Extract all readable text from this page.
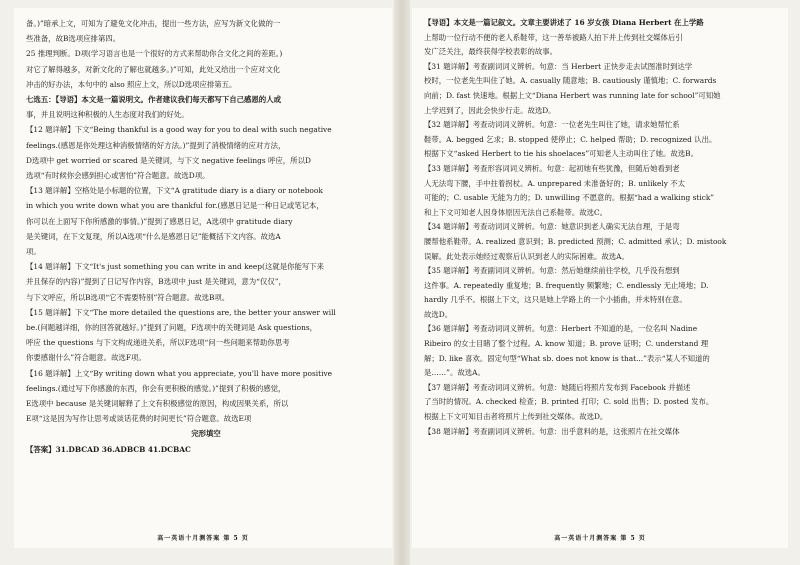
备。)”暗承上文，可知为了避免文化冲击，提出一些方法，应写为新文化做的一

些准备，故B选项应排第四。

25 推理判断。D项(学习语言也是一个很好的方式来帮助你合文化之间的差距。)

对它了解得越多，对新文化的了解也就越多。)”可知，此处又给出一个应对文化

冲击的好办法，本句中的 also 照应上文，所以D选项应排第五。

七选五：【导语】本文是一篇说明文。作者建议我们每天都写下自己感恩的人或

事，并且说明这种积极的人生态度对我们的好处。

【12 题详解】下文“Being thankful is a good way for you to deal with such negative

feelings.(感恩是你处理这种消极情绪的好方法。)”提到了消极情绪的应对方法，

D选项中 get worried or scared 是关键词，与下文 negative feelings 呼应，所以D

选项“有时候你会感到担心或害怕”符合题意。故选D项。

【13 题详解】空格处是小标题的位置，下文“A gratitude diary is a diary or notebook

in which you write down what you are thankful for.(感恩日记是一种日记或笔记本，

你可以在上面写下你所感激的事情。)”提到了感恩日记，A选项中 gratitude diary

是关键词，在下文复现，所以A选项“什么是感恩日记”能概括下文内容。故选A

项。

【14 题详解】下文“It's just something you can write in and keep(这就是你能写下来

并且保存的内容)”提到了日记写作内容，B选项中 just 是关键词，意为“仅仅”，

与下文呼应，所以B选项“它不需要特别”符合题意。故选B项。

【15 题详解】下文“The more detailed the questions are, the better your answer will

be.(问题越详细，你的回答就越好。)”提到了问题，F选项中的关键词是 Ask questions，

呼应 the questions 与下文构成递进关系，所以F选项“问一些问题来帮助你思考

你要感谢什么”符合题意。故选F项。

【16 题详解】上文“By writing down what you appreciate, you'll have more positive

feelings.(通过写下你感激的东西，你会有更积极的感觉。)”提到了积极的感觉，

E选项中 because 是关键词解释了上文有积极感觉的原因，构成因果关系，所以

E项“这是因为写作让思考或谈话花费的时间更长”符合题意。故选E项

完形填空

【答案】31.DBCAD 36.ADBCB 41.DCBAC

高一英语十月测答案 第 5 页

【导语】本文是一篇记叙文。文章主要讲述了 16 岁女孩 Diana Herbert 在上学路

上帮助一位行动不便的老人系鞋带，这一善举被路人拍下并上传到社交媒体后引

发广泛关注，最终获得学校表彰的故事。

【31 题详解】考查副词词义辨析。句意：当 Herbert 正快步走去试图准时到达学

校时，一位老先生叫住了她。A. casually 随意地；B. cautiously 谨慎地；C. forwards

向前；D. fast 快速地。根据上文“Diana Herbert was running late for school”可知她

上学迟到了，因此会快步行走。故选D。

【32 题详解】考查动词词义辨析。句意：一位老先生叫住了她，请求她帮忙系

鞋带。A. begged 乞求；B. stopped 使停止；C. helped 帮助；D. recognized 认出。

根据下文“asked Herbert to tie his shoelaces”可知老人主动叫住了她。故选B。

【33 题详解】考查形容词词义辨析。句意：起初她有些犹豫，但随后她看到老

人无法弯下腰，手中拄着拐杖。A. unprepared 未准备好的；B. unlikely 不太

可能的；C. usable 无能为力的；D. unwilling 不愿意的。根据“had a walking stick”

和上下文可知老人因身体原因无法自己系鞋带。故选C。

【34 题详解】考查动词词义辨析。句意：她意识到老人确实无法自理，于是弯

腰帮他系鞋带。A. realized 意识到；B. predicted 预测；C. admitted 承认；D. mistook

误解。此处表示她经过观察后认识到老人的实际困难。故选A。

【35 题详解】考查副词词义辨析。句意：然后她继续前往学校，几乎没有想到

这件事。A. repeatedly 重复地；B. frequently 频繁地；C. endlessly 无止境地；D.

hardly 几乎不。根据上下文，这只是她上学路上的一个小插曲，并未特别在意。

故选D。

【36 题详解】考查动词词义辨析。句意：Herbert 不知道的是，一位名叫 Nadine

Ribeiro 的女士目睹了整个过程。A. know 知道；B. prove 证明；C. understand 理

解；D. like 喜欢。固定句型“What sb. does not know is that...”表示“某人不知道的

是……”。故选A。

【37 题详解】考查动词词义辨析。句意：她随后将照片发布到 Facebook 并描述

了当时的情况。A. checked 检查；B. printed 打印；C. sold 出售；D. posted 发布。

根据上下文可知目击者将照片上传到社交媒体。故选D。

【38 题详解】考查副词词义辨析。句意：出乎意料的是，这张照片在社交媒体

高一英语十月测答案 第 5 页
